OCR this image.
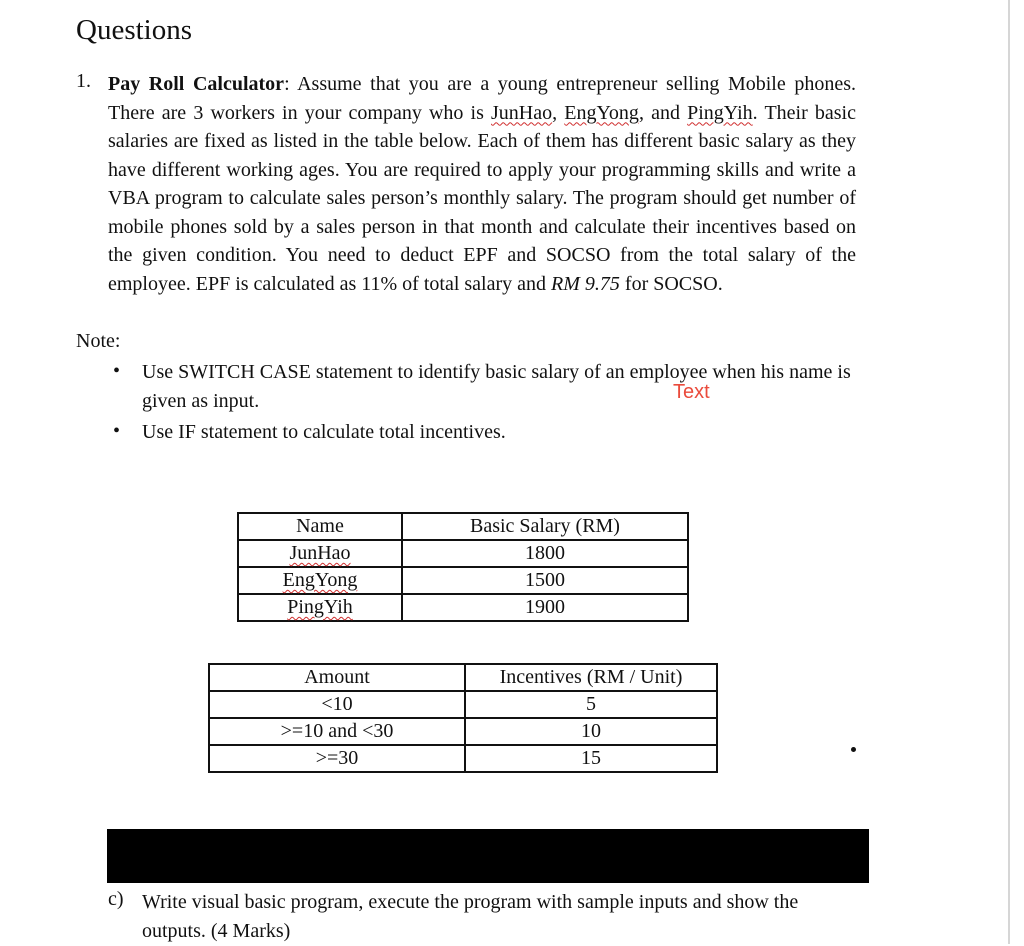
Questions
1. Pay Roll Calculator: Assume that you are a young entrepreneur selling Mobile phones. There are 3 workers in your company who is JunHao, EngYong, and PingYih. Their basic salaries are fixed as listed in the table below. Each of them has different basic salary as they have different working ages. You are required to apply your programming skills and write a VBA program to calculate sales person’s monthly salary. The program should get number of mobile phones sold by a sales person in that month and calculate their incentives based on the given condition. You need to deduct EPF and SOCSO from the total salary of the employee. EPF is calculated as 11% of total salary and RM 9.75 for SOCSO.

Note:
• Use SWITCH CASE statement to identify basic salary of an employee when his name is given as input.
• Use IF statement to calculate total incentives.
Text
Name	Basic Salary (RM)
JunHao	1800
EngYong	1500
PingYih	1900
Amount	Incentives (RM / Unit)
<10	5
>=10 and <30	10
>=30	15
c) Write visual basic program, execute the program with sample inputs and show the outputs. (4 Marks)
